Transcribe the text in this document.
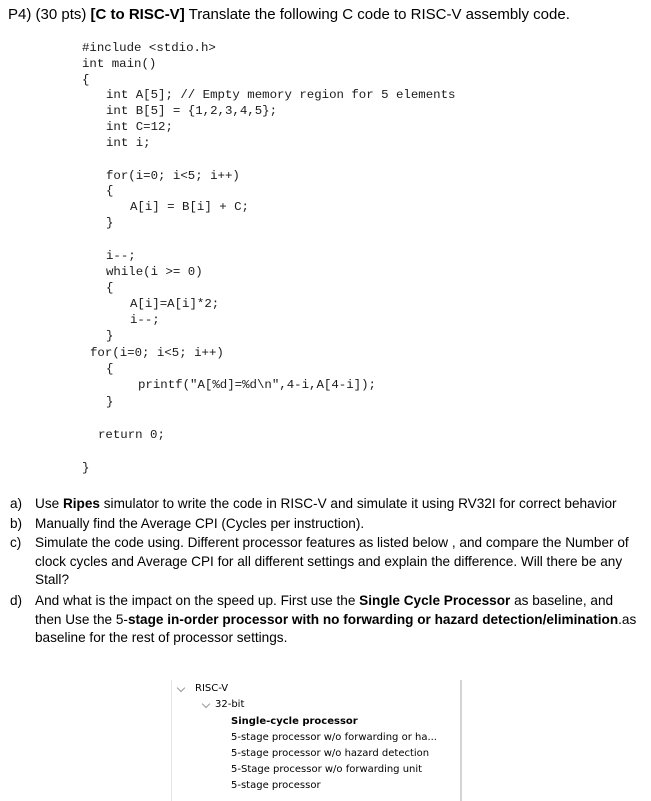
P4) (30 pts) [C to RISC-V] Translate the following C code to RISC-V assembly code.
#include <stdio.h>
int main()
{
int A[5]; // Empty memory region for 5 elements
int B[5] = {1,2,3,4,5};
int C=12;
int i;
for(i=0; i<5; i++)
{
A[i] = B[i] + C;
}
i--;
while(i >= 0)
{
A[i]=A[i]*2;
i--;
}
for(i=0; i<5; i++)
{
printf("A[%d]=%d\n",4-i,A[4-i]);
}
return 0;
}
a) Use Ripes simulator to write the code in RISC-V and simulate it using RV32I for correct behavior
b) Manually find the Average CPI (Cycles per instruction).
c) Simulate the code using. Different processor features as listed below , and compare the Number of clock cycles and Average CPI for all different settings and explain the difference. Will there be any Stall?
d) And what is the impact on the speed up. First use the Single Cycle Processor as baseline, and then Use the 5-stage in-order processor with no forwarding or hazard detection/elimination.as baseline for the rest of processor settings.
RISC-V
32-bit
Single-cycle processor
5-stage processor w/o forwarding or ha...
5-stage processor w/o hazard detection
5-Stage processor w/o forwarding unit
5-stage processor
